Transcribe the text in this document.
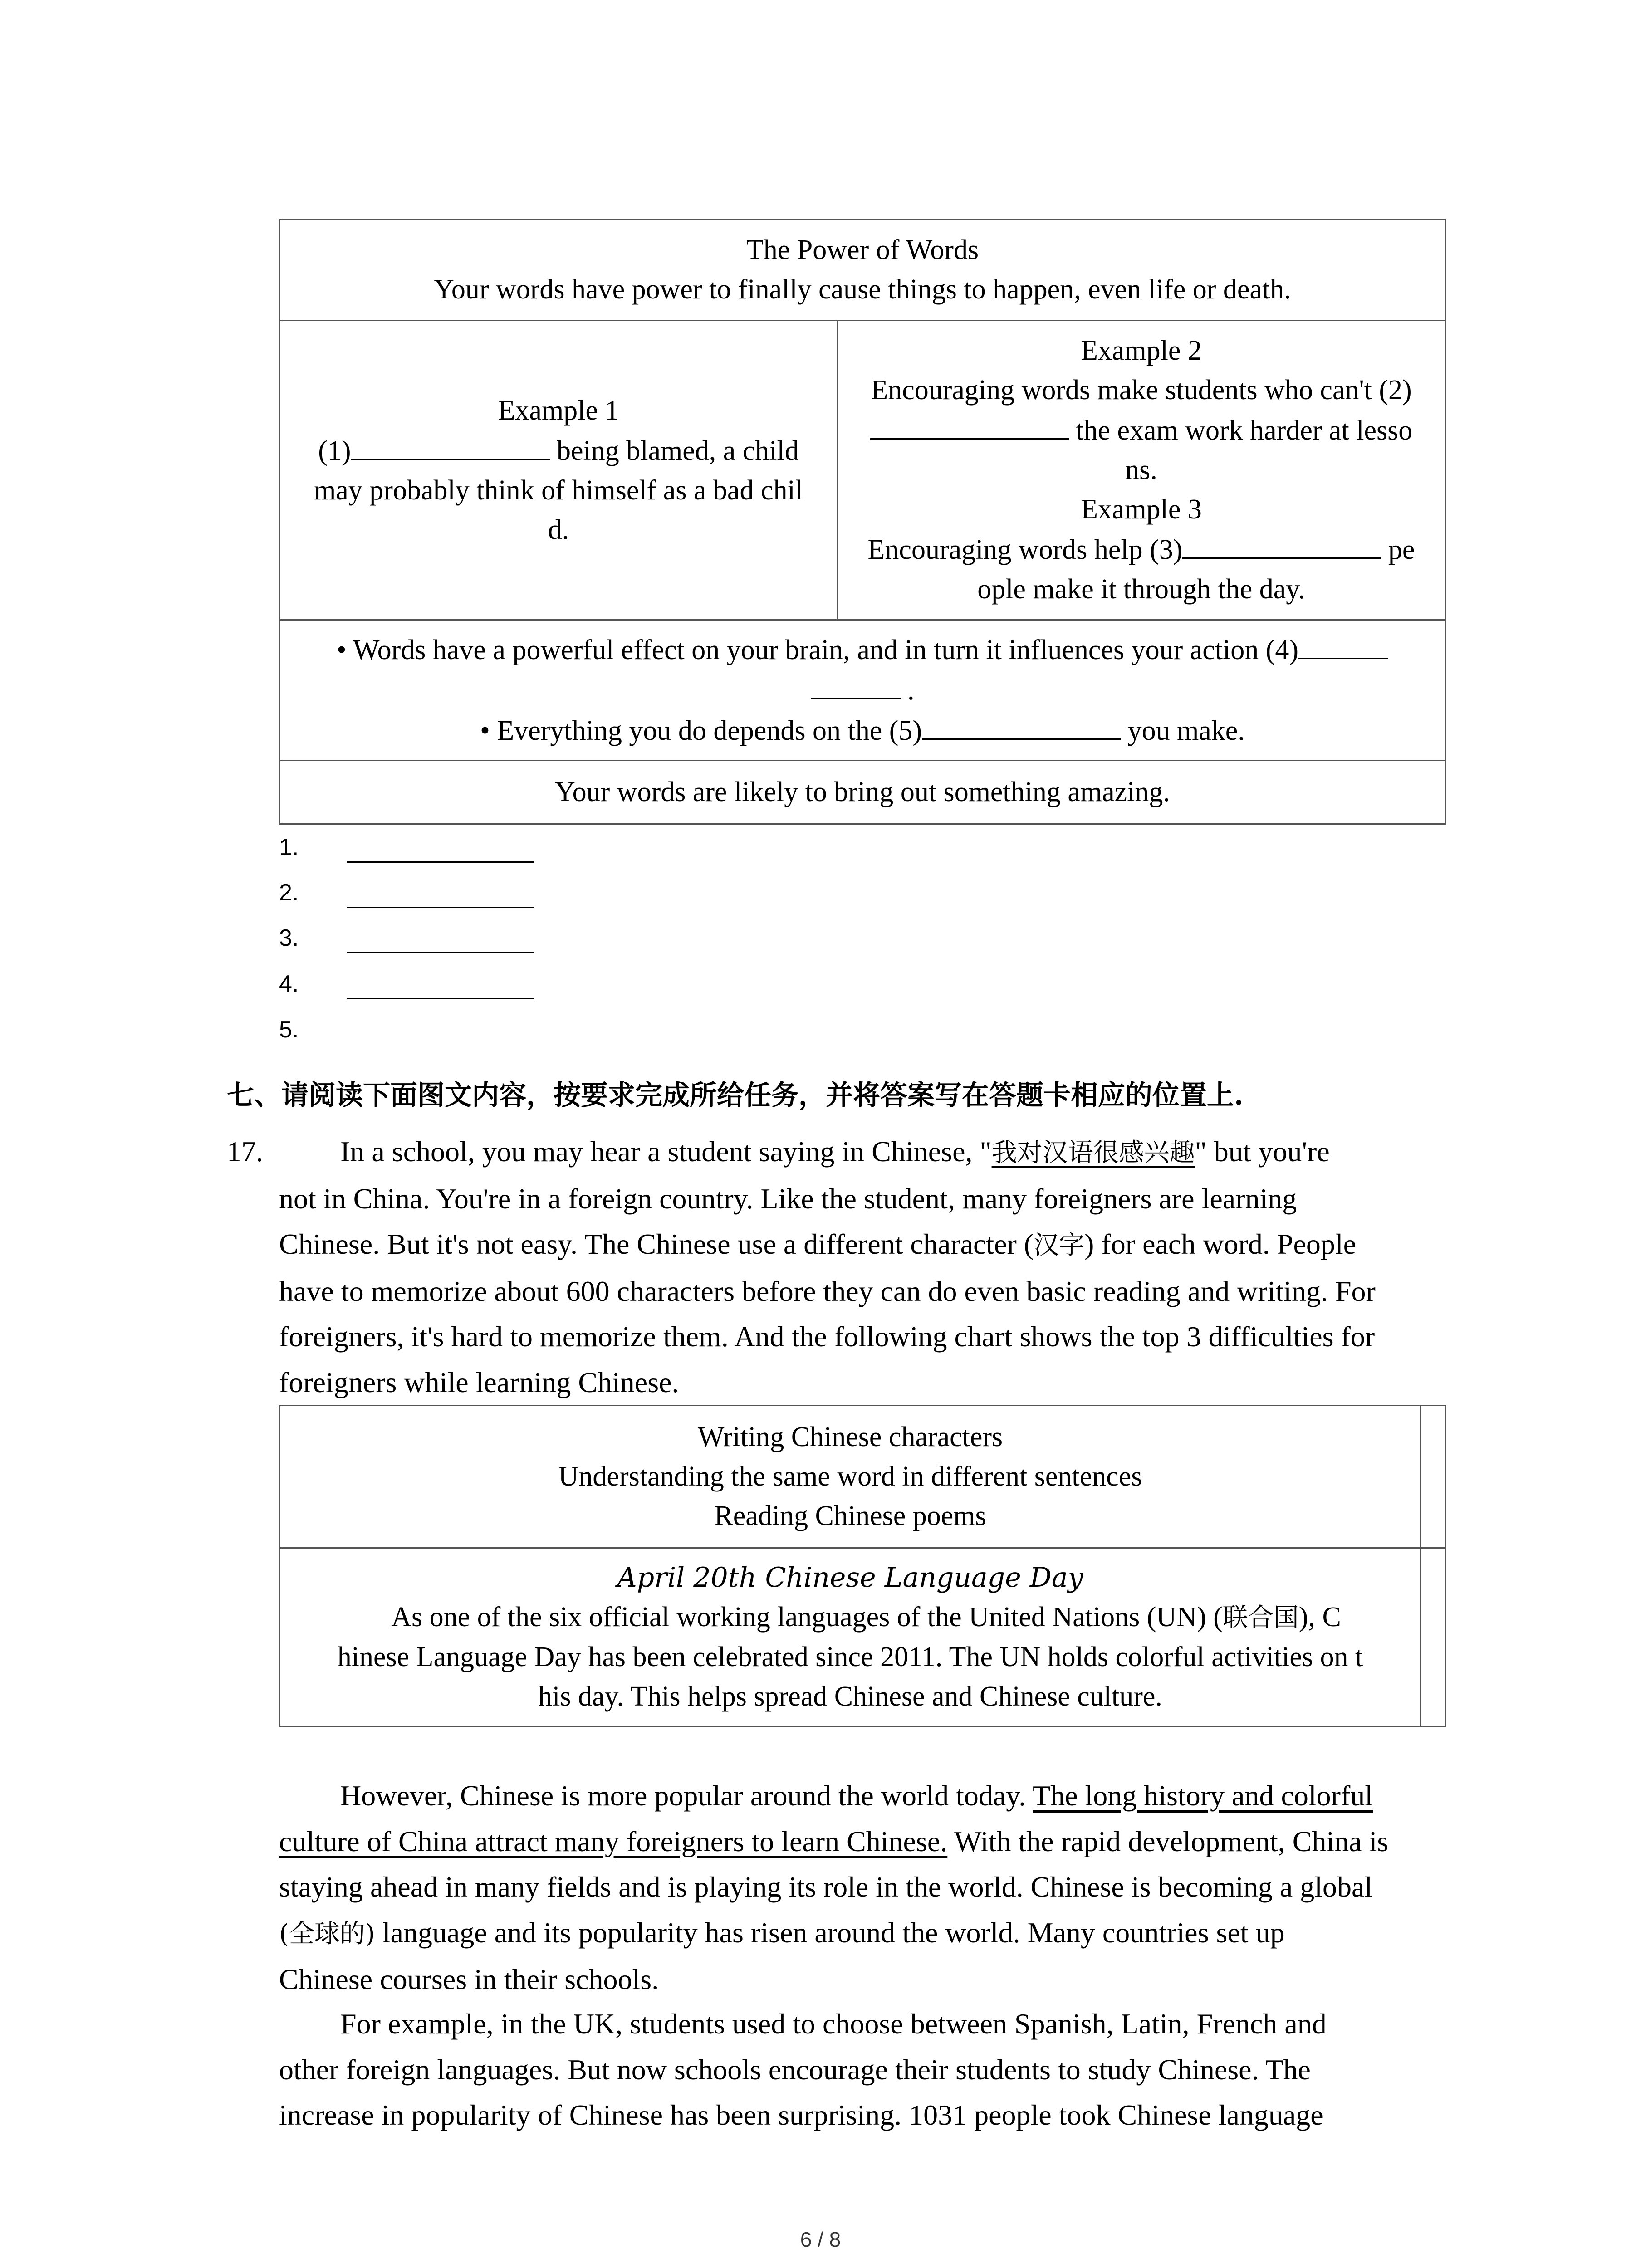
The Power of Words
Your words have power to finally cause things to happen, even life or death.

Example 1
(1)	being blamed, a child
may probably think of himself as a bad chil
d.

Example 2
Encouraging words make students who can't (2)
the exam work harder at lesso
ns.
Example 3
Encouraging words help (3)	pe
ople make it through the day.

• Words have a powerful effect on your brain, and in turn it influences your action (4)
.
• Everything you do depends on the (5)	you make.

Your words are likely to bring out something amazing.
1.
2.
3.
4.
5.
七、请阅读下面图文内容，按要求完成所给任务，并将答案写在答题卡相应的位置上.
17.	In a school, you may hear a student saying in Chinese, "我对汉语很感兴趣" but you're
not in China. You're in a foreign country. Like the student, many foreigners are learning
Chinese. But it's not easy. The Chinese use a different character (汉字) for each word. People
have to memorize about 600 characters before they can do even basic reading and writing. For
foreigners, it's hard to memorize them. And the following chart shows the top 3 difficulties for
foreigners while learning Chinese.
Writing Chinese characters
Understanding the same word in different sentences
Reading Chinese poems	

April 20th Chinese Language Day
As one of the six official working languages of the United Nations (UN) (联合国), C
hinese Language Day has been celebrated since 2011. The UN holds colorful activities on t
his day. This helps spread Chinese and Chinese culture.	

However, Chinese is more popular around the world today. The long history and colorful
culture of China attract many foreigners to learn Chinese. With the rapid development, China is
staying ahead in many fields and is playing its role in the world. Chinese is becoming a global
(全球的) language and its popularity has risen around the world. Many countries set up
Chinese courses in their schools.
For example, in the UK, students used to choose between Spanish, Latin, French and
other foreign languages. But now schools encourage their students to study Chinese. The
increase in popularity of Chinese has been surprising. 1031 people took Chinese language
6 / 8
